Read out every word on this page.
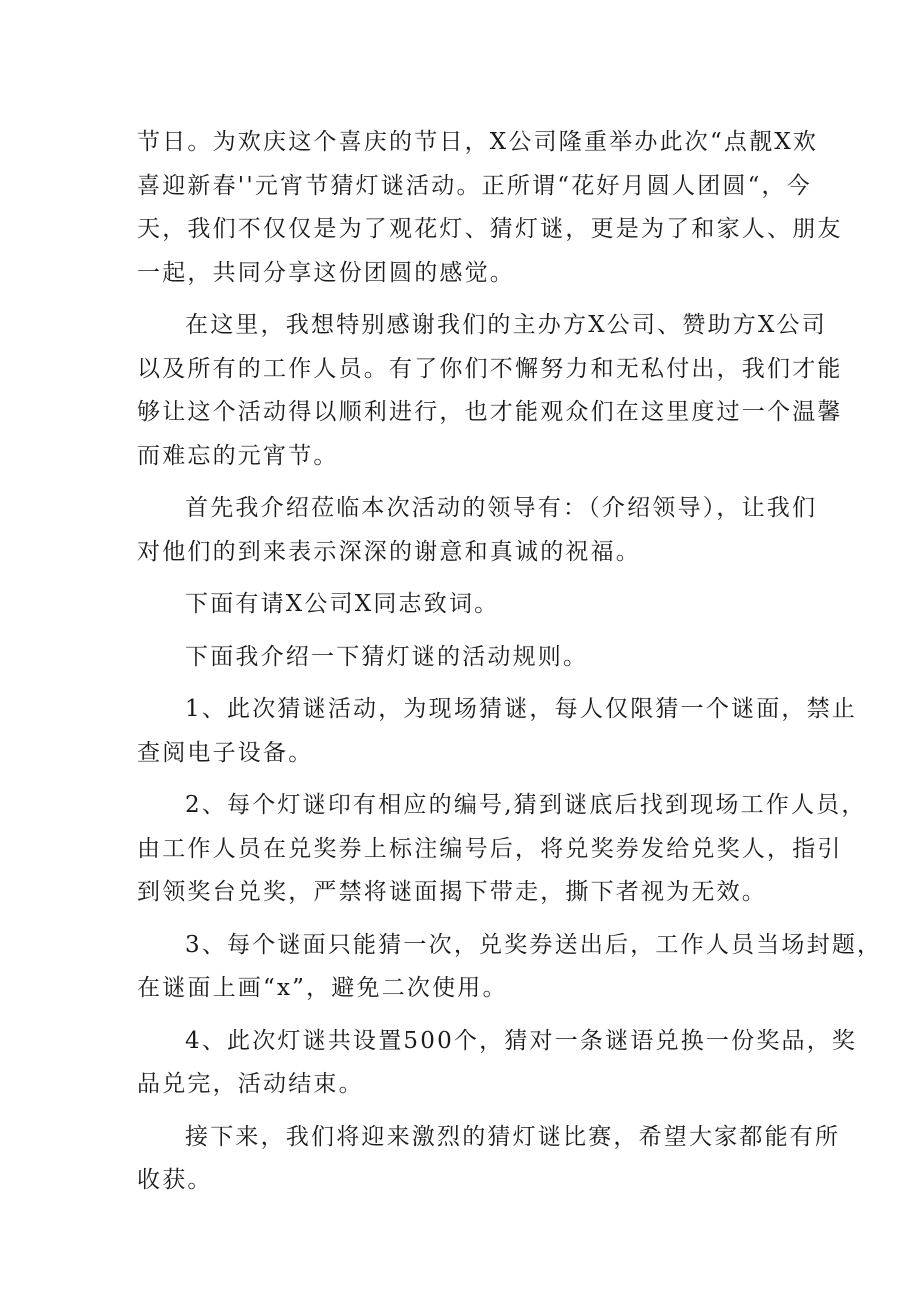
节日。为欢庆这个喜庆的节日，X公司隆重举办此次“点靓X欢
喜迎新春''元宵节猜灯谜活动。正所谓“花好月圆人团圆“，今
天，我们不仅仅是为了观花灯、猜灯谜，更是为了和家人、朋友
一起，共同分享这份团圆的感觉。

在这里，我想特别感谢我们的主办方X公司、赞助方X公司
以及所有的工作人员。有了你们不懈努力和无私付出，我们才能
够让这个活动得以顺利进行，也才能观众们在这里度过一个温馨
而难忘的元宵节。

首先我介绍莅临本次活动的领导有：（介绍领导），让我们
对他们的到来表示深深的谢意和真诚的祝福。

下面有请X公司X同志致词。

下面我介绍一下猜灯谜的活动规则。

1、此次猜谜活动，为现场猜谜，每人仅限猜一个谜面，禁止
查阅电子设备。

2、每个灯谜印有相应的编号,猜到谜底后找到现场工作人员，
由工作人员在兑奖券上标注编号后，将兑奖券发给兑奖人，指引
到领奖台兑奖，严禁将谜面揭下带走，撕下者视为无效。

3、每个谜面只能猜一次，兑奖券送出后，工作人员当场封题，
在谜面上画“x”，避免二次使用。

4、此次灯谜共设置500个，猜对一条谜语兑换一份奖品，奖
品兑完，活动结束。

接下来，我们将迎来激烈的猜灯谜比赛，希望大家都能有所
收获。
